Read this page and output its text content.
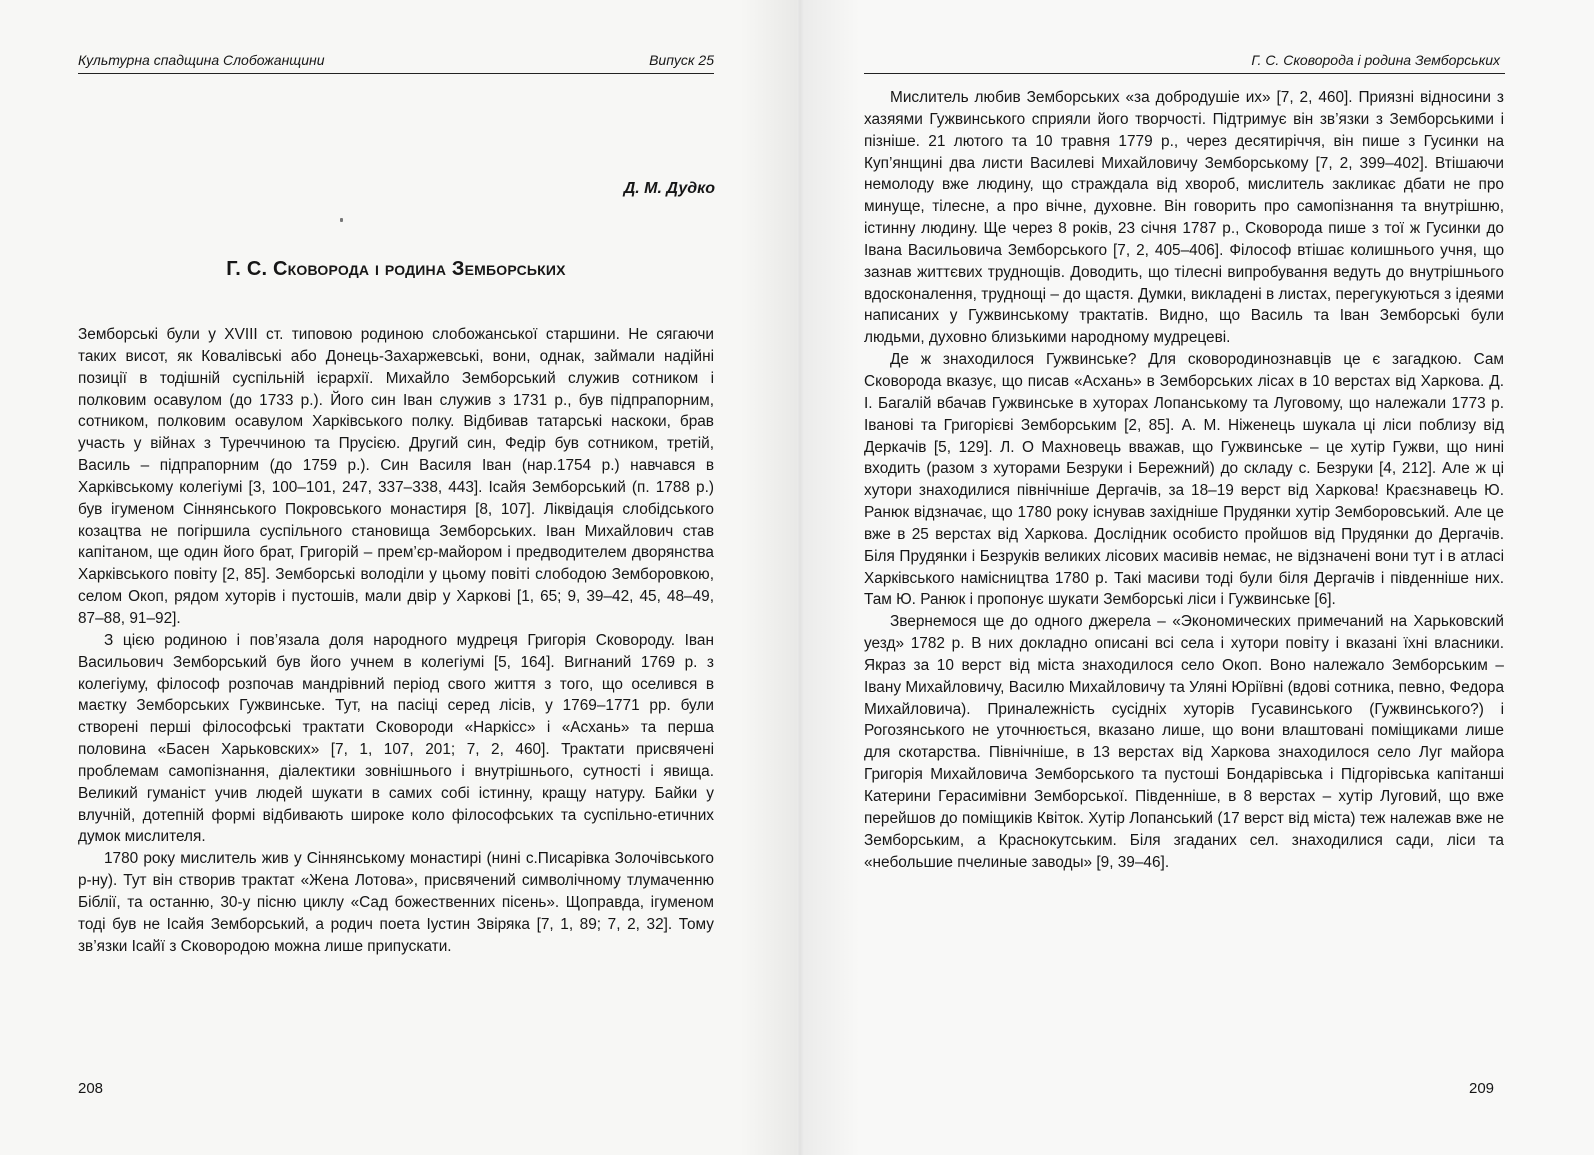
Культурна спадщина Слобожанщини	Випуск 25
Д. М. Дудко
Г. С. Сковорода і родина Земборських

Земборські були у XVIII ст. типовою родиною слобожанської старшини. Не сягаючи таких висот, як Ковалівські або Донець-Захаржевські, вони, однак, займали надійні позиції в тодішній суспільній ієрархії. Михайло Земборський служив сотником і полковим осавулом (до 1733 р.). Його син Іван служив з 1731 р., був підпрапорним, сотником, полковим осавулом Харківського полку. Відбивав татарські наскоки, брав участь у війнах з Туреччиною та Прусією. Другий син, Федір був сотником, третій, Василь – підпрапорним (до 1759 р.). Син Василя Іван (нар.1754 р.) навчався в Харківському колегіумі [3, 100–101, 247, 337–338, 443]. Ісайя Земборський (п. 1788 р.) був ігуменом Сіннянського Покровського монастиря [8, 107]. Ліквідація слобідського козацтва не погіршила суспільного становища Земборських. Іван Михайлович став капітаном, ще один його брат, Григорій – прем’єр-майором і предводителем дворянства Харківського повіту [2, 85]. Земборські володіли у цьому повіті слободою Земборовкою, селом Окоп, рядом хуторів і пустошів, мали двір у Харкові [1, 65; 9, 39–42, 45, 48–49, 87–88, 91–92].

З цією родиною і пов’язала доля народного мудреця Григорія Сковороду. Іван Васильович Земборський був його учнем в колегіумі [5, 164]. Вигнаний 1769 р. з колегіуму, філософ розпочав мандрівний період свого життя з того, що оселився в маєтку Земборських Гужвинське. Тут, на пасіці серед лісів, у 1769–1771 рр. були створені перші філософські трактати Сковороди «Наркісс» і «Асхань» та перша половина «Басен Харьковских» [7, 1, 107, 201; 7, 2, 460]. Трактати присвячені проблемам самопізнання, діалектики зовнішнього і внутрішнього, сутності і явища. Великий гуманіст учив людей шукати в самих собі істинну, кращу натуру. Байки у влучній, дотепній формі відбивають широке коло філософських та суспільно-етичних думок мислителя.

1780 року мислитель жив у Сіннянському монастирі (нині с.Писарівка Золочівського р-ну). Тут він створив трактат «Жена Лотова», присвячений символічному тлумаченню Біблії, та останню, 30-у пісню циклу «Сад божественних пісень». Щоправда, ігуменом тоді був не Ісайя Земборський, а родич поета Іустин Звіряка [7, 1, 89; 7, 2, 32]. Тому зв’язки Ісайї з Сковородою можна лише припускати.

208
Г. С. Сковорода і родина Земборських
209

Мислитель любив Земборських «за добродушіе их» [7, 2, 460]. Приязні відносини з хазяями Гужвинського сприяли його творчості. Підтримує він зв’язки з Земборськими і пізніше. 21 лютого та 10 травня 1779 р., через десятиріччя, він пише з Гусинки на Куп’янщині два листи Василеві Михайловичу Земборському [7, 2, 399–402]. Втішаючи немолоду вже людину, що страждала від хвороб, мислитель закликає дбати не про минуще, тілесне, а про вічне, духовне. Він говорить про самопізнання та внутрішню, істинну людину. Ще через 8 років, 23 січня 1787 р., Сковорода пише з тої ж Гусинки до Івана Васильовича Земборського [7, 2, 405–406]. Філософ втішає колишнього учня, що зазнав життєвих труднощів. Доводить, що тілесні випробування ведуть до внутрішнього вдосконалення, труднощі – до щастя. Думки, викладені в листах, перегукуються з ідеями написаних у Гужвинському трактатів. Видно, що Василь та Іван Земборські були людьми, духовно близькими народному мудрецеві.

Де ж знаходилося Гужвинське? Для сковородинознавців це є загадкою. Сам Сковорода вказує, що писав «Асхань» в Земборських лісах в 10 верстах від Харкова. Д. І. Багалій вбачав Гужвинське в хуторах Лопанському та Луговому, що належали 1773 р. Іванові та Григорієві Земборським [2, 85]. А. М. Ніженець шукала ці ліси поблизу від Деркачів [5, 129]. Л. О Махновець вважав, що Гужвинське – це хутір Гужви, що нині входить (разом з хуторами Безруки і Бережний) до складу с. Безруки [4, 212]. Але ж ці хутори знаходилися північніше Дергачів, за 18–19 верст від Харкова! Краєзнавець Ю. Ранюк відзначає, що 1780 року існував західніше Прудянки хутір Земборовський. Але це вже в 25 верстах від Харкова. Дослідник особисто пройшов від Прудянки до Дергачів. Біля Прудянки і Безруків великих лісових масивів немає, не відзначені вони тут і в атласі Харківського намісництва 1780 р. Такі масиви тоді були біля Дергачів і південніше них. Там Ю. Ранюк і пропонує шукати Земборські ліси і Гужвинське [6].

Звернемося ще до одного джерела – «Экономических примечаний на Харьковский уезд» 1782 р. В них докладно описані всі села і хутори повіту і вказані їхні власники. Якраз за 10 верст від міста знаходилося село Окоп. Воно належало Земборським – Івану Михайловичу, Василю Михайловичу та Уляні Юріївні (вдові сотника, певно, Федора Михайловича). Приналежність сусідніх хуторів Гусавинського (Гужвинського?) і Рогозянського не уточнюється, вказано лише, що вони влаштовані поміщиками лише для скотарства. Північніше, в 13 верстах від Харкова знаходилося село Луг майора Григорія Михайловича Земборського та пустоші Бондарівська і Підгорівська капітанші Катерини Герасимівни Земборської. Південніше, в 8 верстах – хутір Луговий, що вже перейшов до поміщиків Квіток. Хутір Лопанський (17 верст від міста) теж належав вже не Земборським, а Краснокутським. Біля згаданих сел. знаходилися сади, ліси та «небольшие пчелиные заводы» [9, 39–46].
